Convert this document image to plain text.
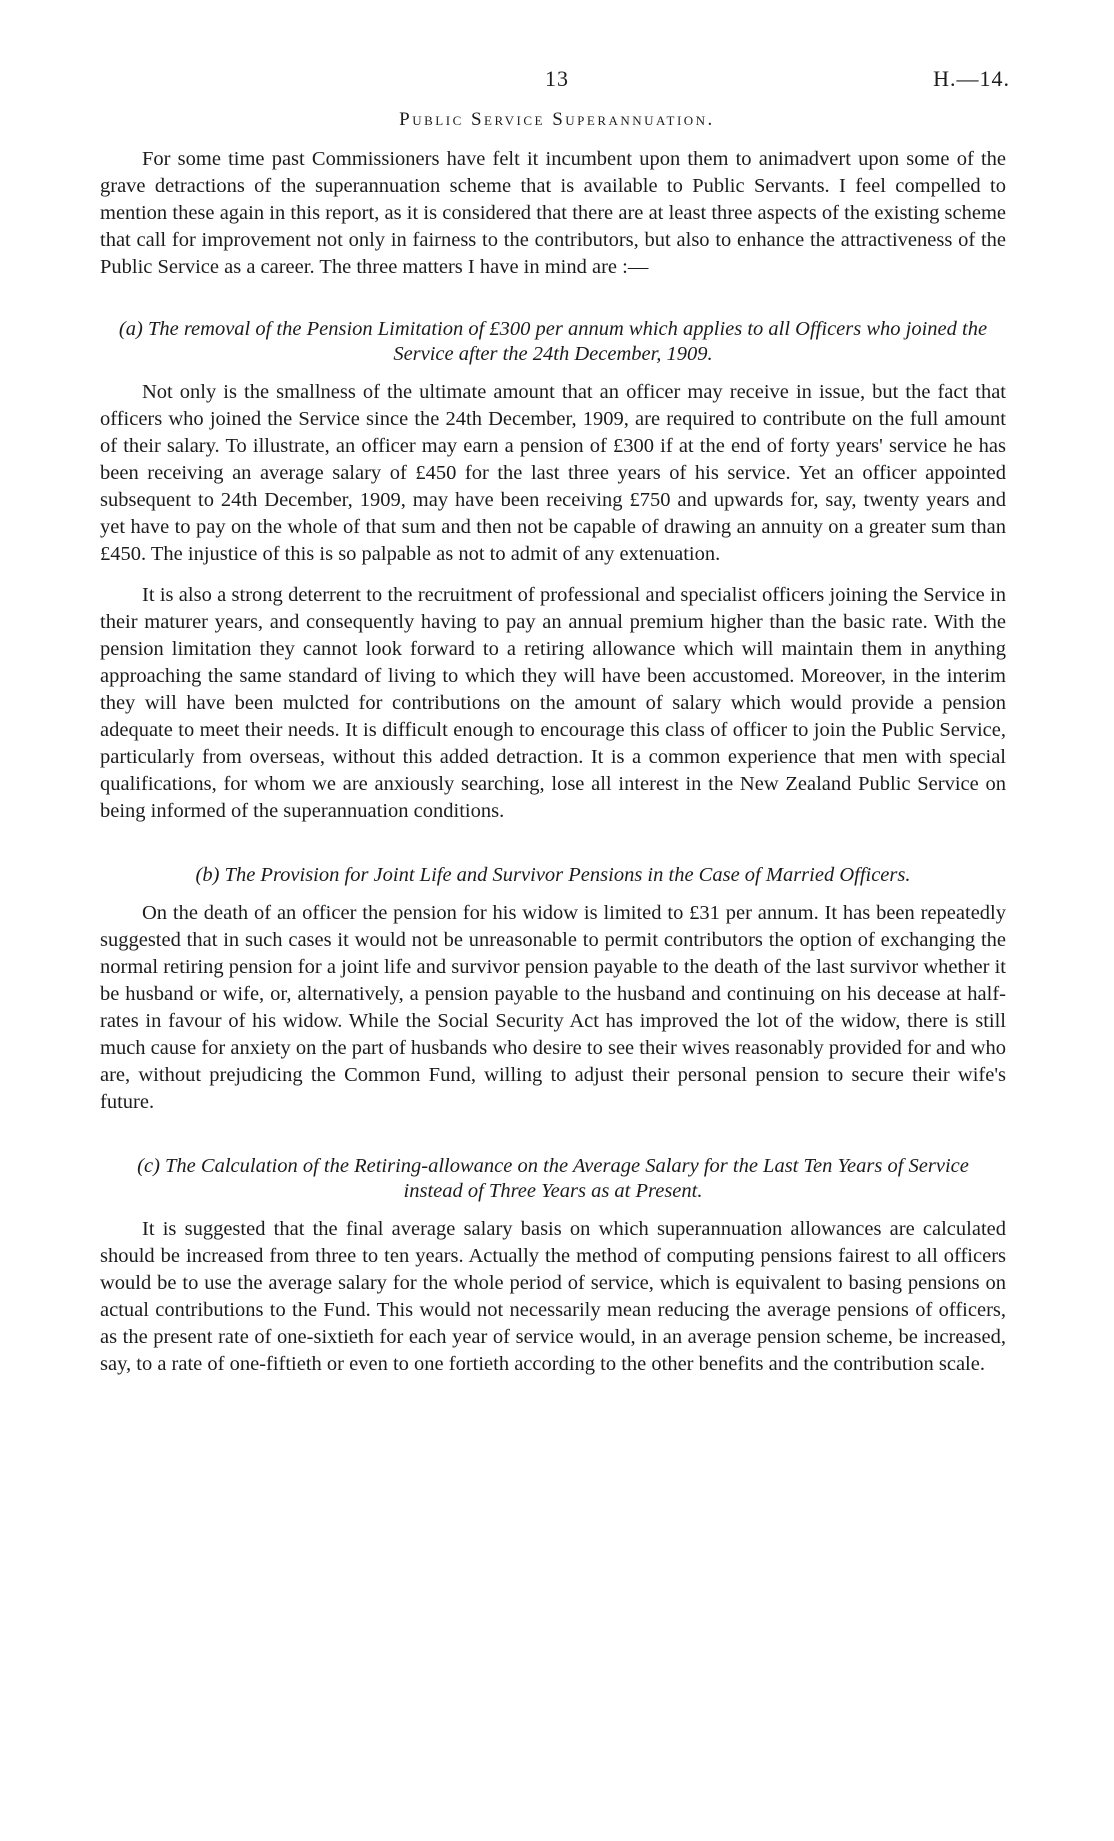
13	H.—14.
Public Service Superannuation.

For some time past Commissioners have felt it incumbent upon them to animadvert upon some of the grave detractions of the superannuation scheme that is available to Public Servants. I feel compelled to mention these again in this report, as it is considered that there are at least three aspects of the existing scheme that call for improvement not only in fairness to the contributors, but also to enhance the attractiveness of the Public Service as a career. The three matters I have in mind are :—

(a) The removal of the Pension Limitation of £300 per annum which applies to all Officers who joined the Service after the 24th December, 1909.

Not only is the smallness of the ultimate amount that an officer may receive in issue, but the fact that officers who joined the Service since the 24th December, 1909, are required to contribute on the full amount of their salary. To illustrate, an officer may earn a pension of £300 if at the end of forty years' service he has been receiving an average salary of £450 for the last three years of his service. Yet an officer appointed subsequent to 24th December, 1909, may have been receiving £750 and upwards for, say, twenty years and yet have to pay on the whole of that sum and then not be capable of drawing an annuity on a greater sum than £450. The injustice of this is so palpable as not to admit of any extenuation.

It is also a strong deterrent to the recruitment of professional and specialist officers joining the Service in their maturer years, and consequently having to pay an annual premium higher than the basic rate. With the pension limitation they cannot look forward to a retiring allowance which will maintain them in anything approaching the same standard of living to which they will have been accustomed. Moreover, in the interim they will have been mulcted for contributions on the amount of salary which would provide a pension adequate to meet their needs. It is difficult enough to encourage this class of officer to join the Public Service, particularly from overseas, without this added detraction. It is a common experience that men with special qualifications, for whom we are anxiously searching, lose all interest in the New Zealand Public Service on being informed of the superannuation conditions.

(b) The Provision for Joint Life and Survivor Pensions in the Case of Married Officers.

On the death of an officer the pension for his widow is limited to £31 per annum. It has been repeatedly suggested that in such cases it would not be unreasonable to permit contributors the option of exchanging the normal retiring pension for a joint life and survivor pension payable to the death of the last survivor whether it be husband or wife, or, alternatively, a pension payable to the husband and continuing on his decease at half-rates in favour of his widow. While the Social Security Act has improved the lot of the widow, there is still much cause for anxiety on the part of husbands who desire to see their wives reasonably provided for and who are, without prejudicing the Common Fund, willing to adjust their personal pension to secure their wife's future.

(c) The Calculation of the Retiring-allowance on the Average Salary for the Last Ten Years of Service instead of Three Years as at Present.

It is suggested that the final average salary basis on which superannuation allowances are calculated should be increased from three to ten years. Actually the method of computing pensions fairest to all officers would be to use the average salary for the whole period of service, which is equivalent to basing pensions on actual contributions to the Fund. This would not necessarily mean reducing the average pensions of officers, as the present rate of one-sixtieth for each year of service would, in an average pension scheme, be increased, say, to a rate of one-fiftieth or even to one fortieth according to the other benefits and the contribution scale.
